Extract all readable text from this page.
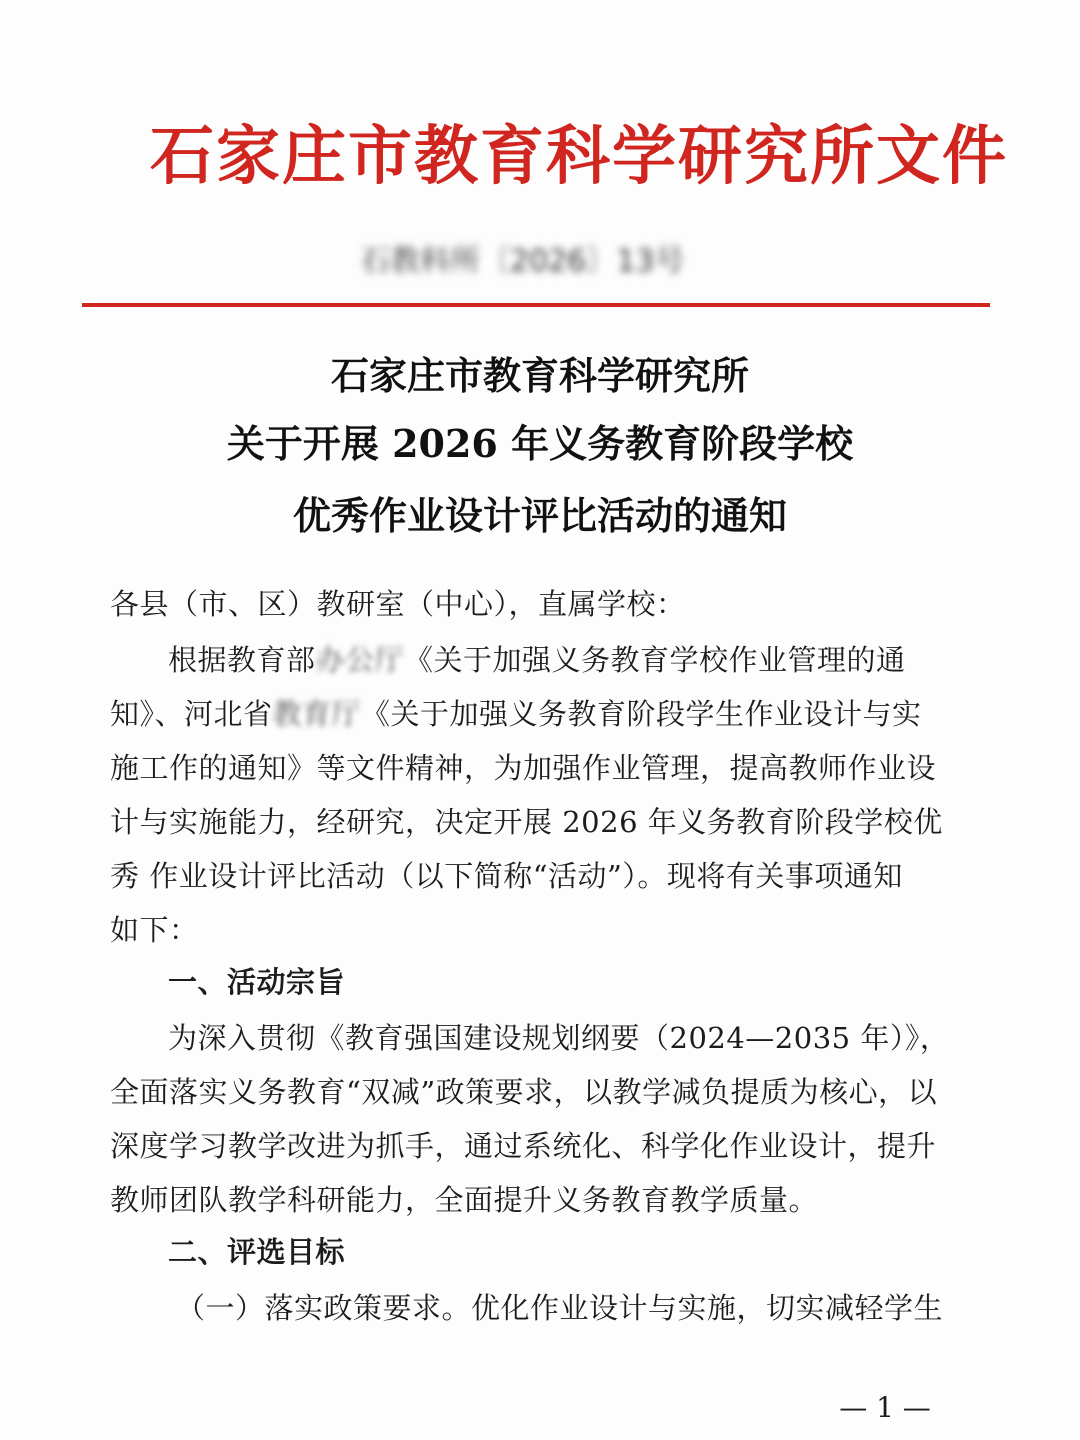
石家庄市教育科学研究所文件
石教科所〔2026〕13号
石家庄市教育科学研究所
关于开展 2026 年义务教育阶段学校
优秀作业设计评比活动的通知
各县（市、区）教研室（中心），直属学校：
根据教育部办公厅《关于加强义务教育学校作业管理的通
知》、河北省教育厅《关于加强义务教育阶段学生作业设计与实
施工作的通知》等文件精神，为加强作业管理，提高教师作业设
计与实施能力，经研究，决定开展 2026 年义务教育阶段学校优
秀 作业设计评比活动（以下简称“活动”）。现将有关事项通知
如下：
一、活动宗旨
为深入贯彻《教育强国建设规划纲要（2024—2035 年）》，
全面落实义务教育“双减”政策要求，以教学减负提质为核心，以
深度学习教学改进为抓手，通过系统化、科学化作业设计，提升
教师团队教学科研能力，全面提升义务教育教学质量。
二、评选目标
（一）落实政策要求。优化作业设计与实施，切实减轻学生
— 1 —
